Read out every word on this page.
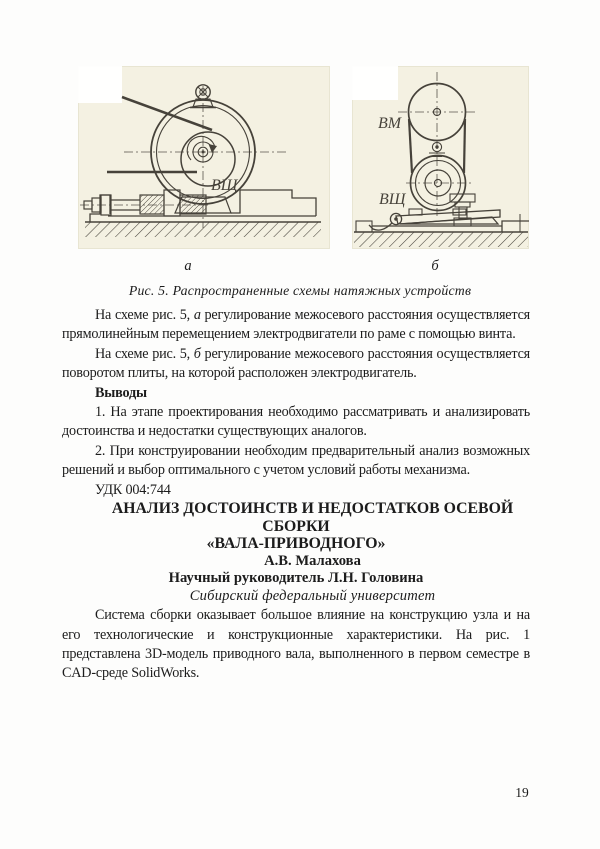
ВЩ
ВМ
ВЩ
а	б
Рис. 5. Распространенные схемы натяжных устройств

На схеме рис. 5, а регулирование межосевого расстояния осуществляется прямолинейным перемещением электродвигатели по раме с помощью винта.

На схеме рис. 5, б регулирование межосевого расстояния осуществляется поворотом плиты, на которой расположен электродвигатель.

Выводы

1. На этапе проектирования необходимо рассматривать и анализировать достоинства и недостатки существующих аналогов.

2. При конструировании необходим предварительный анализ возможных решений и выбор оптимального с учетом условий работы механизма.

УДК 004:744

АНАЛИЗ ДОСТОИНСТВ И НЕДОСТАТКОВ ОСЕВОЙ СБОРКИ
«ВАЛА-ПРИВОДНОГО»

А.В. Малахова
Научный руководитель Л.Н. Головина

Сибирский федеральный университет

Система сборки оказывает большое влияние на конструкцию узла и на его технологические и конструкционные характеристики. На рис. 1 представлена 3D-модель приводного вала, выполненного в первом семестре в CAD-среде SolidWorks.

19
